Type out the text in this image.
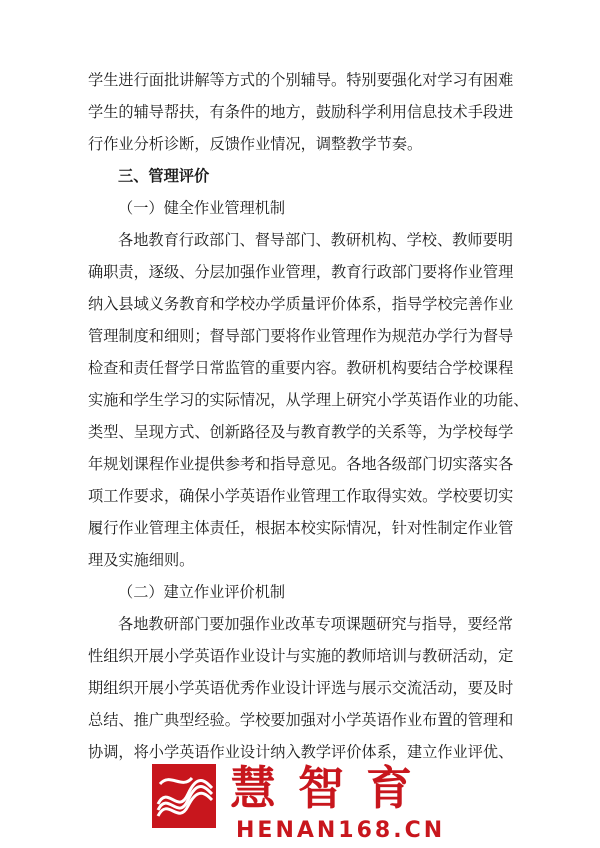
学生进行面批讲解等方式的个别辅导。特别要强化对学习有困难
学生的辅导帮扶，有条件的地方，鼓励科学利用信息技术手段进
行作业分析诊断，反馈作业情况，调整教学节奏。

三、管理评价

（一）健全作业管理机制

各地教育行政部门、督导部门、教研机构、学校、教师要明
确职责，逐级、分层加强作业管理，教育行政部门要将作业管理
纳入县域义务教育和学校办学质量评价体系，指导学校完善作业
管理制度和细则；督导部门要将作业管理作为规范办学行为督导
检查和责任督学日常监管的重要内容。教研机构要结合学校课程
实施和学生学习的实际情况，从学理上研究小学英语作业的功能、
类型、呈现方式、创新路径及与教育教学的关系等，为学校每学
年规划课程作业提供参考和指导意见。各地各级部门切实落实各
项工作要求，确保小学英语作业管理工作取得实效。学校要切实
履行作业管理主体责任，根据本校实际情况，针对性制定作业管
理及实施细则。

（二）建立作业评价机制

各地教研部门要加强作业改革专项课题研究与指导，要经常
性组织开展小学英语作业设计与实施的教师培训与教研活动，定
期组织开展小学英语优秀作业设计评选与展示交流活动，要及时
总结、推广典型经验。学校要加强对小学英语作业布置的管理和
协调，将小学英语作业设计纳入教学评价体系，建立作业评优、

慧智育
HENAN168.CN
